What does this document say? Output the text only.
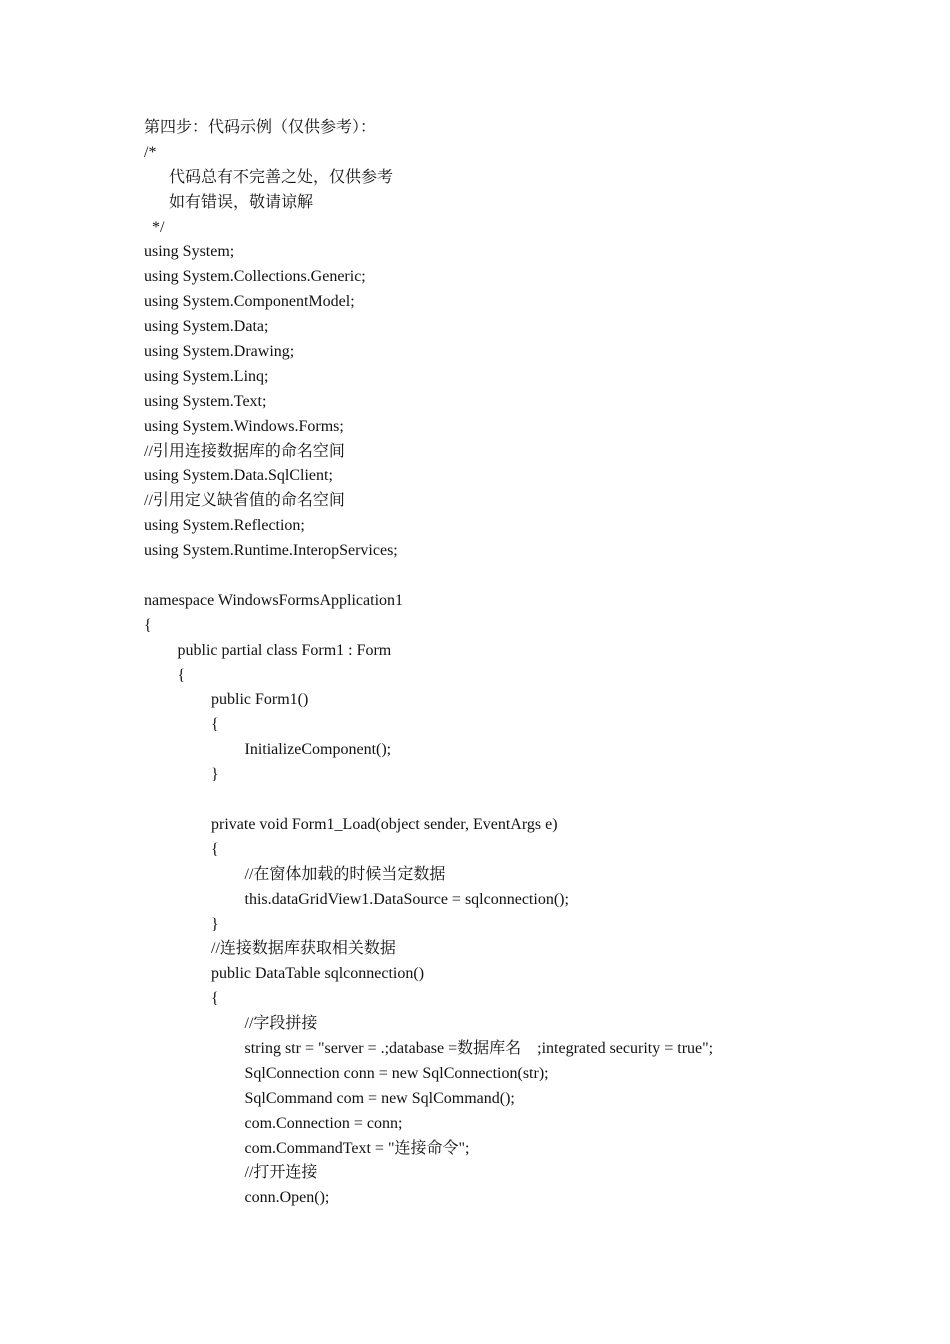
第四步：代码示例（仅供参考）：
/*
代码总有不完善之处，仅供参考
如有错误，敬请谅解
*/
using System;
using System.Collections.Generic;
using System.ComponentModel;
using System.Data;
using System.Drawing;
using System.Linq;
using System.Text;
using System.Windows.Forms;
//引用连接数据库的命名空间
using System.Data.SqlClient;
//引用定义缺省值的命名空间
using System.Reflection;
using System.Runtime.InteropServices;
namespace WindowsFormsApplication1
{
public partial class Form1 : Form
{
public Form1()
{
InitializeComponent();
}
private void Form1_Load(object sender, EventArgs e)
{
//在窗体加载的时候当定数据
this.dataGridView1.DataSource = sqlconnection();
}
//连接数据库获取相关数据
public DataTable sqlconnection()
{
//字段拼接
string str = "server = .;database =数据库名    ;integrated security = true";
SqlConnection conn = new SqlConnection(str);
SqlCommand com = new SqlCommand();
com.Connection = conn;
com.CommandText = "连接命令";
//打开连接
conn.Open();
